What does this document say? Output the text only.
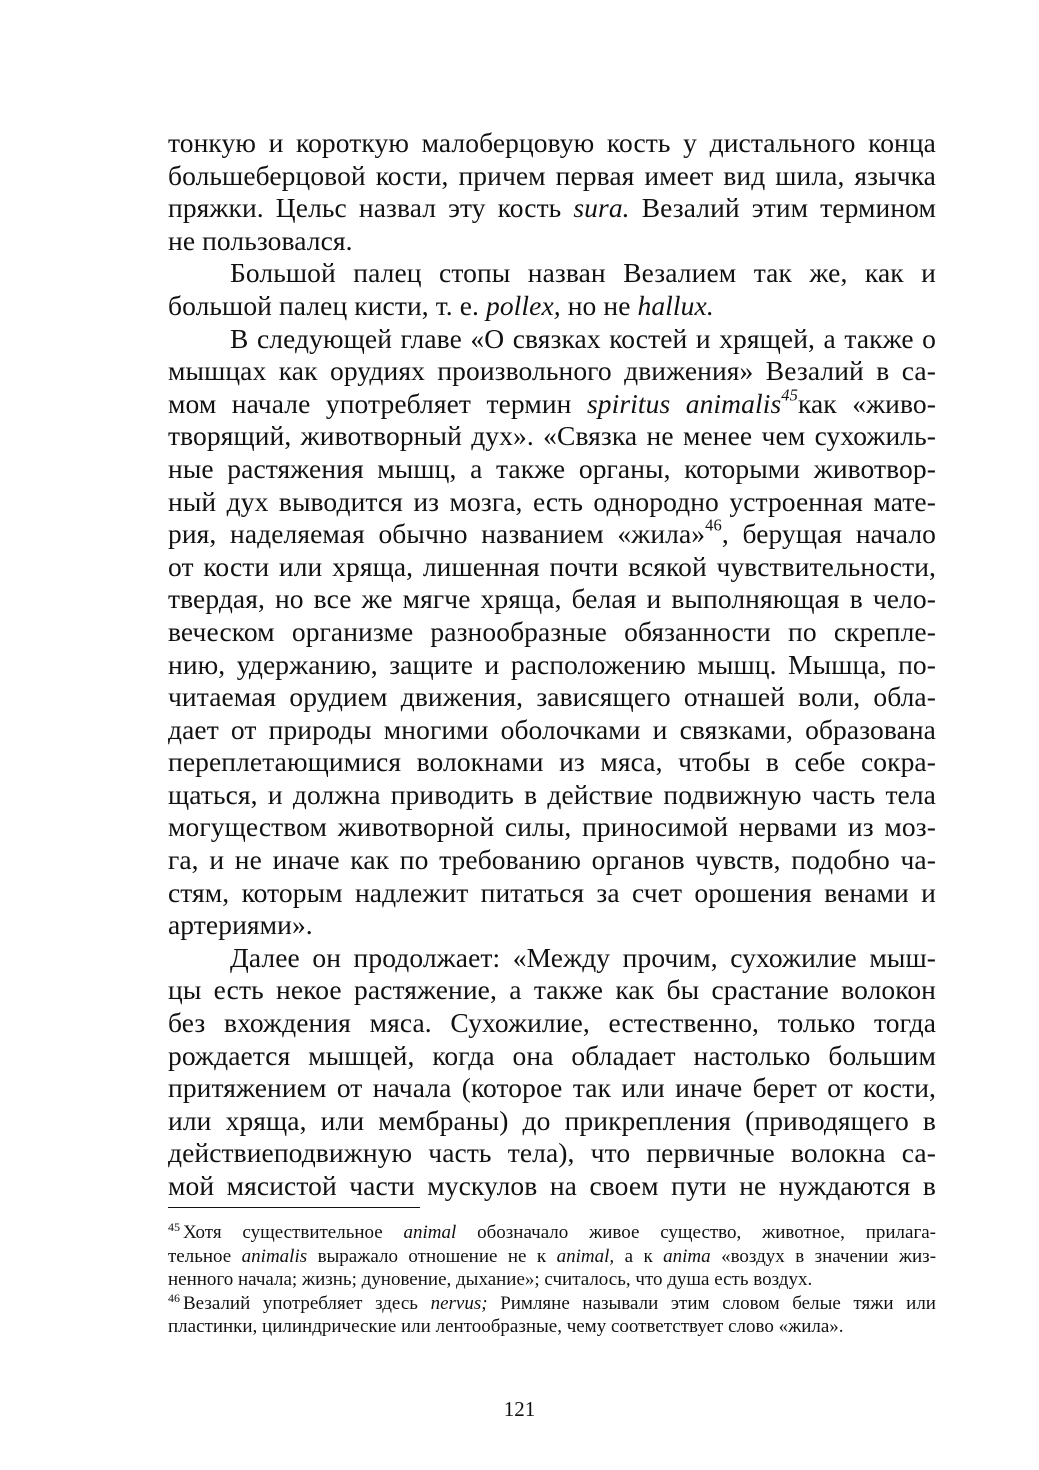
тонкую и короткую малоберцовую кость у дистального конца
большеберцовой кости, причем первая имеет вид шила, язычка
пряжки. Цельс назвал эту кость sura. Везалий этим термином
не пользовался.
Большой палец стопы назван Везалием так же, как и
большой палец кисти, т. е. pollex, но не hallux.
В следующей главе «О связках костей и хрящей, а также о
мышцах как орудиях произвольного движения» Везалий в са-
мом начале употребляет термин spiritus animalis$^{45}$как «живо-
творящий, животворный дух». «Связка не менее чем сухожиль-
ные растяжения мышц, а также органы, которыми животвор-
ный дух выводится из мозга, есть однородно устроенная мате-
рия, наделяемая обычно названием «жила»$^{46}$, берущая начало
от кости или хряща, лишенная почти всякой чувствительности,
твердая, но все же мягче хряща, белая и выполняющая в чело-
веческом организме разнообразные обязанности по скрепле-
нию, удержанию, защите и расположению мышц. Мышца, по-
читаемая орудием движения, зависящего отнашей воли, обла-
дает от природы многими оболочками и связками, образована
переплетающимися волокнами из мяса, чтобы в себе сокра-
щаться, и должна приводить в действие подвижную часть тела
могуществом животворной силы, приносимой нервами из моз-
га, и не иначе как по требованию органов чувств, подобно ча-
стям, которым надлежит питаться за счет орошения венами и
артериями».
Далее он продолжает: «Между прочим, сухожилие мыш-
цы есть некое растяжение, а также как бы срастание волокон
без вхождения мяса. Сухожилие, естественно, только тогда
рождается мышцей, когда она обладает настолько большим
притяжением от начала (которое так или иначе берет от кости,
или хряща, или мембраны) до прикрепления (приводящего в
действиеподвижную часть тела), что первичные волокна са-
мой мясистой части мускулов на своем пути не нуждаются в
$^{45}$ Хотя существительное animal обозначало живое существо, животное, прилага-
тельное animalis выражало отношение не к animal, а к anima «воздух в значении жиз-
ненного начала; жизнь; дуновение, дыхание»; считалось, что душа есть воздух.
$^{46}$ Везалий употребляет здесь nervus; Римляне называли этим словом белые тяжи или
пластинки, цилиндрические или лентообразные, чему соответствует слово «жила».
121
